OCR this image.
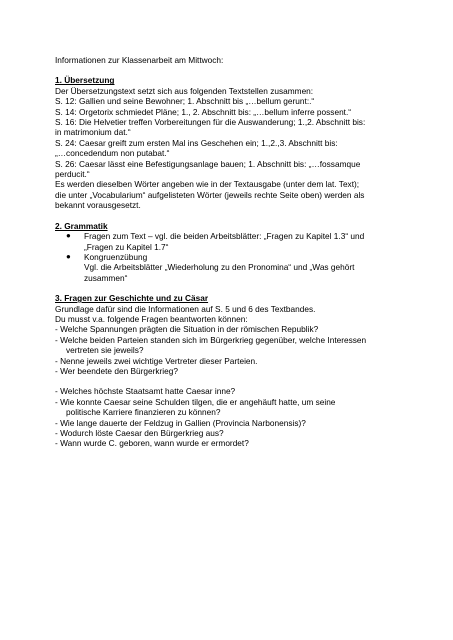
Informationen zur Klassenarbeit am Mittwoch:

1. Übersetzung

Der Übersetzungstext setzt sich aus folgenden Textstellen zusammen:

S. 12: Gallien und seine Bewohner; 1. Abschnitt bis „…bellum gerunt:.“

S. 14: Orgetorix schmiedet Pläne; 1., 2. Abschnitt bis: „…bellum inferre possent.“

S. 16: Die Helvetier treffen Vorbereitungen für die Auswanderung; 1.,2. Abschnitt bis:

in matrimonium dat.“

S. 24: Caesar greift zum ersten Mal ins Geschehen ein; 1.,2.,3. Abschnitt bis:

„…concedendum non putabat.“

S. 26: Caesar lässt eine Befestigungsanlage bauen; 1. Abschnitt bis: „…fossamque

perducit.“

Es werden dieselben Wörter angeben wie in der Textausgabe (unter dem lat. Text);

die unter „Vocabularium“ aufgelisteten Wörter (jeweils rechte Seite oben) werden als

bekannt vorausgesetzt.

2. Grammatik

● Fragen zum Text – vgl. die beiden Arbeitsblätter: „Fragen zu Kapitel 1.3“ und
„Fragen zu Kapitel 1.7“
● Kongruenzübung
Vgl. die Arbeitsblätter „Wiederholung zu den Pronomina“ und „Was gehört
zusammen“

3. Fragen zur Geschichte und zu Cäsar

Grundlage dafür sind die Informationen auf S. 5 und 6 des Textbandes.

Du musst v.a. folgende Fragen beantworten können:

- Welche Spannungen prägten die Situation in der römischen Republik?

- Welche beiden Parteien standen sich im Bürgerkrieg gegenüber, welche Interessen

vertreten sie jeweils?

- Nenne jeweils zwei wichtige Vertreter dieser Parteien.

- Wer beendete den Bürgerkrieg?

- Welches höchste Staatsamt hatte Caesar inne?

- Wie konnte Caesar seine Schulden tilgen, die er angehäuft hatte, um seine

politische Karriere finanzieren zu können?

- Wie lange dauerte der Feldzug in Gallien (Provincia Narbonensis)?

- Wodurch löste Caesar den Bürgerkrieg aus?

- Wann wurde C. geboren, wann wurde er ermordet?
